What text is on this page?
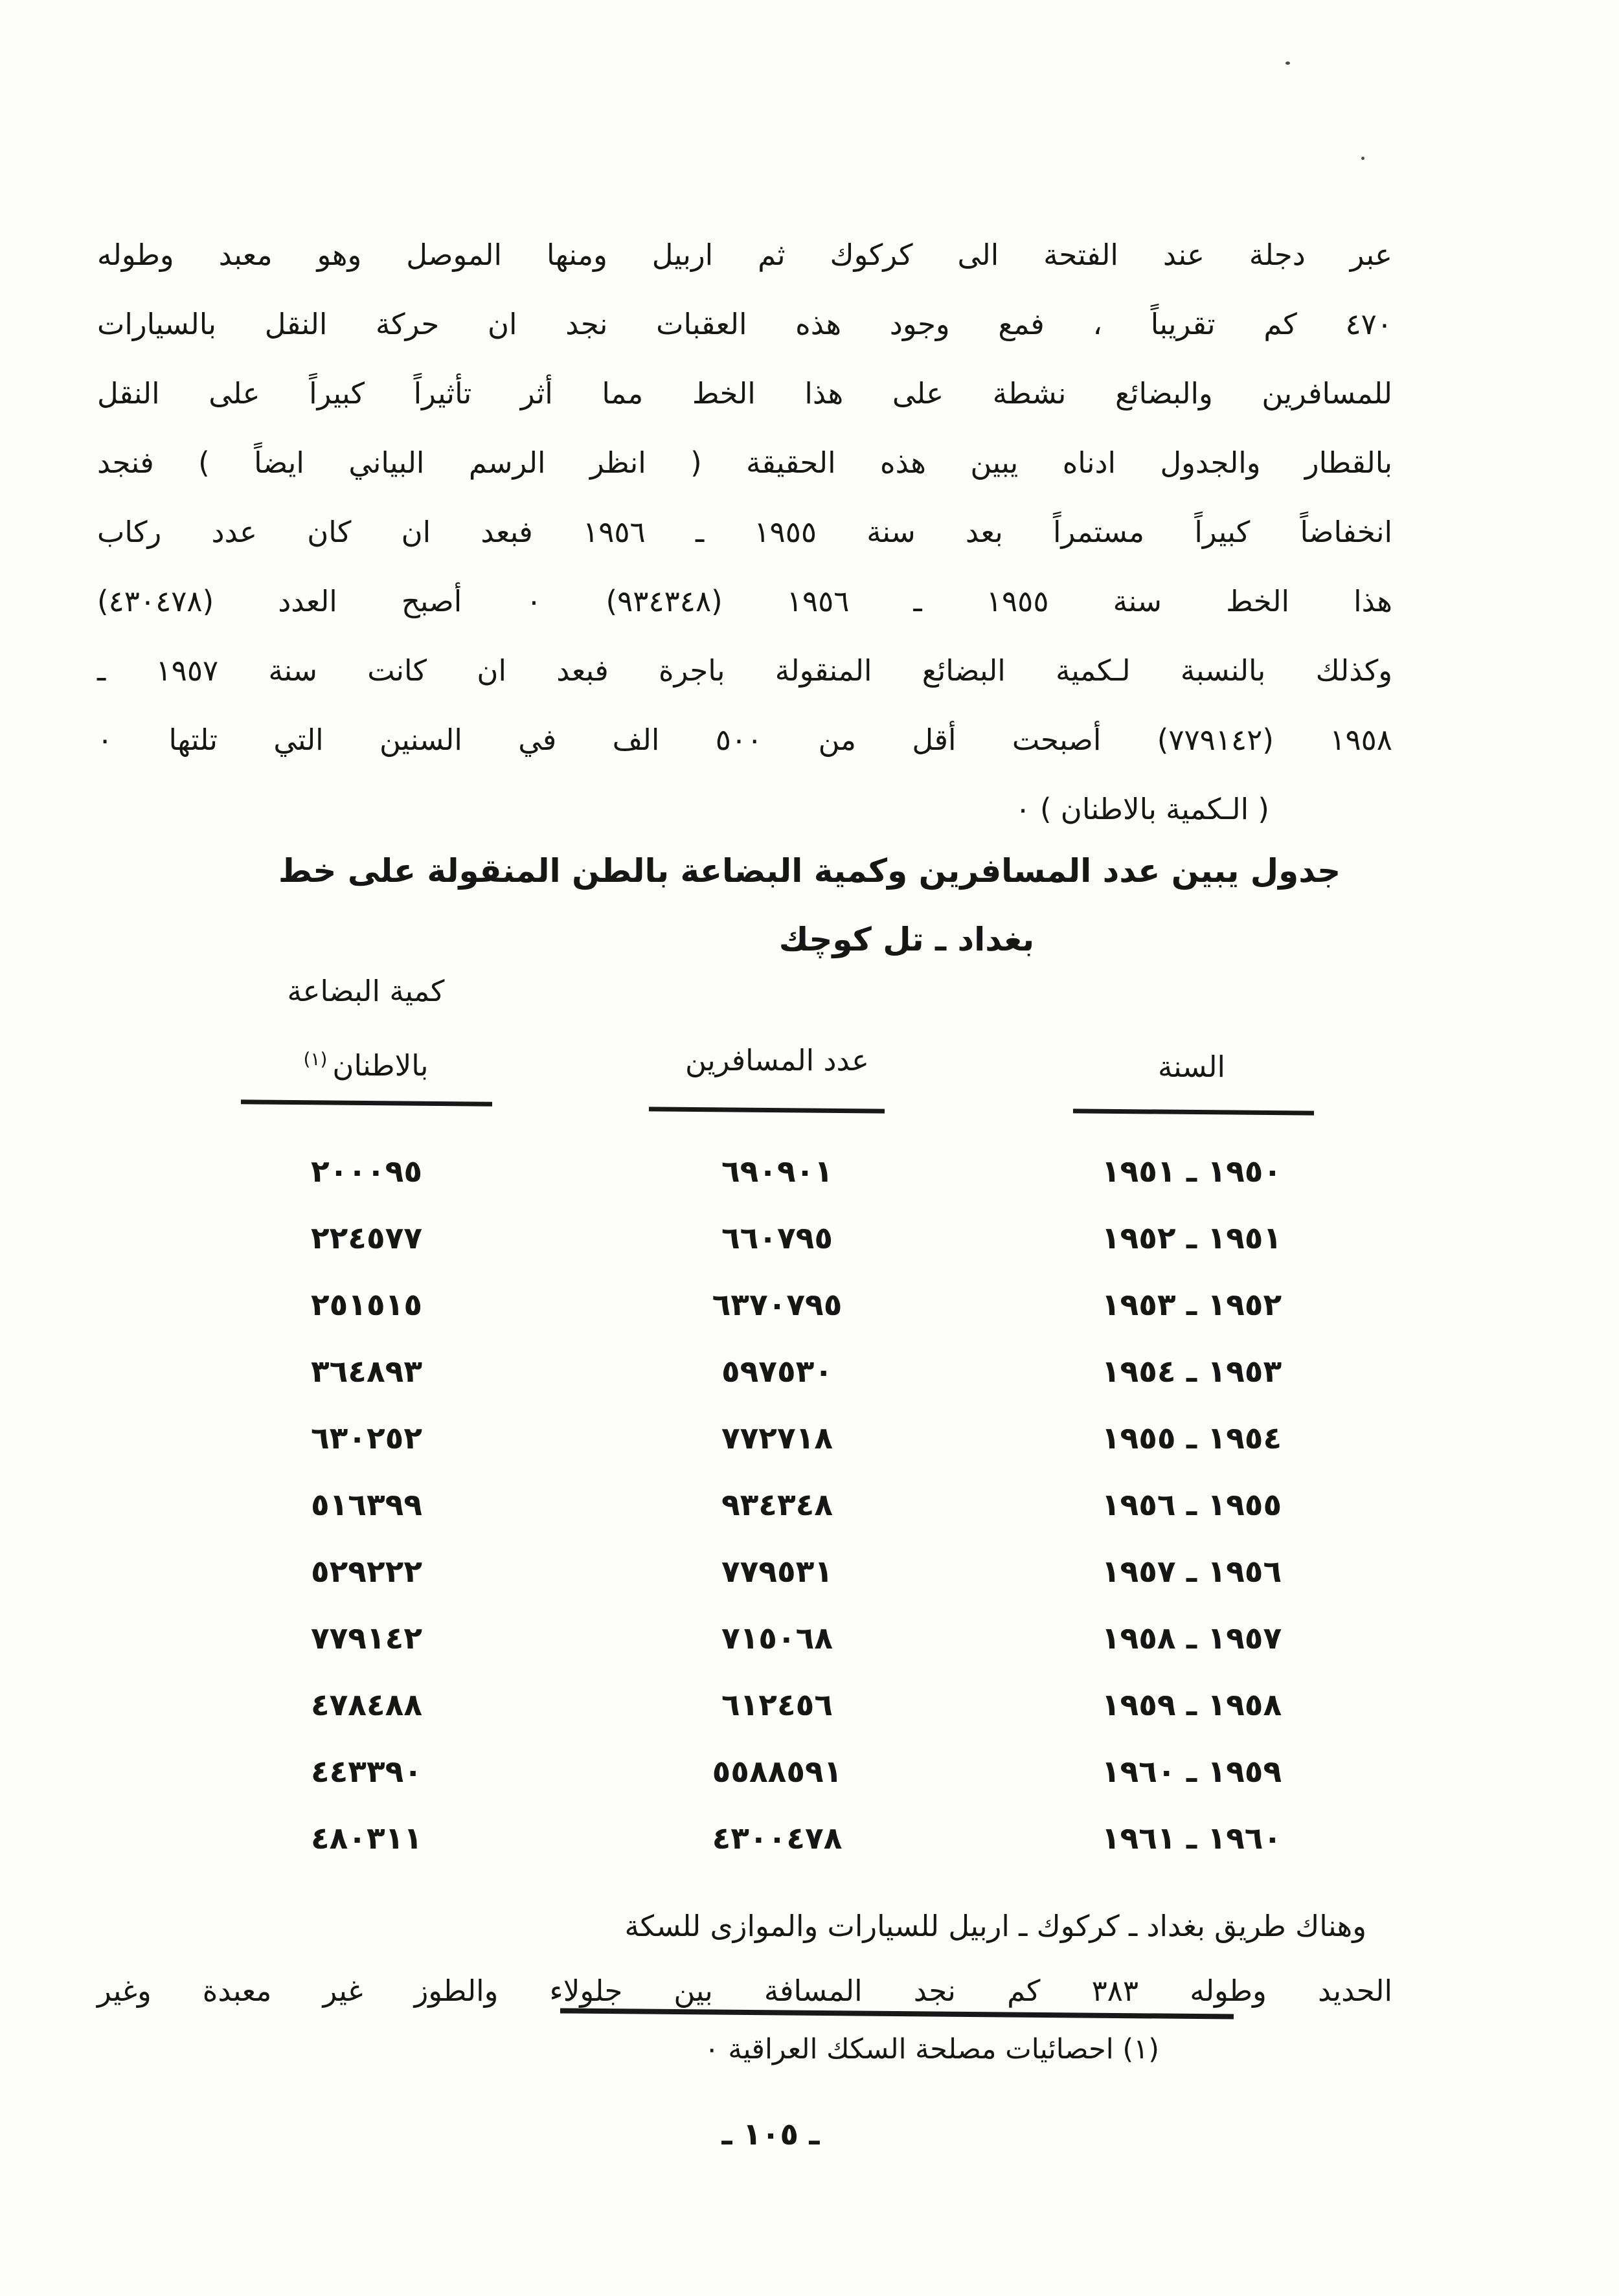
عبر دجلة عند الفتحة الى كركوك ثم اربيل ومنها الموصل وهو معبد وطوله
٤٧٠ كم تقريباً ، فمع وجود هذه العقبات نجد ان حركة النقل بالسيارات
للمسافرين والبضائع نشطة على هذا الخط مما أثر تأثيراً كبيراً على النقل
بالقطار والجدول ادناه يبين هذه الحقيقة ( انظر الرسم البياني ايضاً ) فنجد
انخفاضاً كبيراً مستمراً بعد سنة ١٩٥٥ ـ ١٩٥٦ فبعد ان كان عدد ركاب
هذا الخط سنة ١٩٥٥ ـ ١٩٥٦ (٩٣٤٣٤٨) ٠ أصبح العدد (٤٣٠٤٧٨)
وكذلك بالنسبة لـكمية البضائع المنقولة باجرة فبعد ان كانت سنة ١٩٥٧ ـ
١٩٥٨ (٧٧٩١٤٢) أصبحت أقل من ٥٠٠ الف في السنين التي تلتها ٠
( الـكمية بالاطنان ) ٠
جدول يبين عدد المسافرين وكمية البضاعة بالطن المنقولة على خط
بغداد ـ تل كوچك
كمية البضاعة
بالاطنان$^{(١)}$	عدد المسافرين	السنة
٢٠٠٠٩٥	٦٩٠٩٠١	١٩٥٠ ـ ١٩٥١
٢٢٤٥٧٧	٦٦٠٧٩٥	١٩٥١ ـ ١٩٥٢
٢٥١٥١٥	٦٣٧٠٧٩٥	١٩٥٢ ـ ١٩٥٣
٣٦٤٨٩٣	٥٩٧٥٣٠	١٩٥٣ ـ ١٩٥٤
٦٣٠٢٥٢	٧٧٢٧١٨	١٩٥٤ ـ ١٩٥٥
٥١٦٣٩٩	٩٣٤٣٤٨	١٩٥٥ ـ ١٩٥٦
٥٢٩٢٢٢	٧٧٩٥٣١	١٩٥٦ ـ ١٩٥٧
٧٧٩١٤٢	٧١٥٠٦٨	١٩٥٧ ـ ١٩٥٨
٤٧٨٤٨٨	٦١٢٤٥٦	١٩٥٨ ـ ١٩٥٩
٤٤٣٣٩٠	٥٥٨٨٥٩١	١٩٥٩ ـ ١٩٦٠
٤٨٠٣١١	٤٣٠٠٤٧٨	١٩٦٠ ـ ١٩٦١
وهناك طريق بغداد ـ كركوك ـ اربيل للسيارات والموازى للسكة
الحديد وطوله ٣٨٣ كم نجد المسافة بين جلولاء والطوز غير معبدة وغير
(١) احصائيات مصلحة السكك العراقية ٠
ـ ١٠٥ ـ
